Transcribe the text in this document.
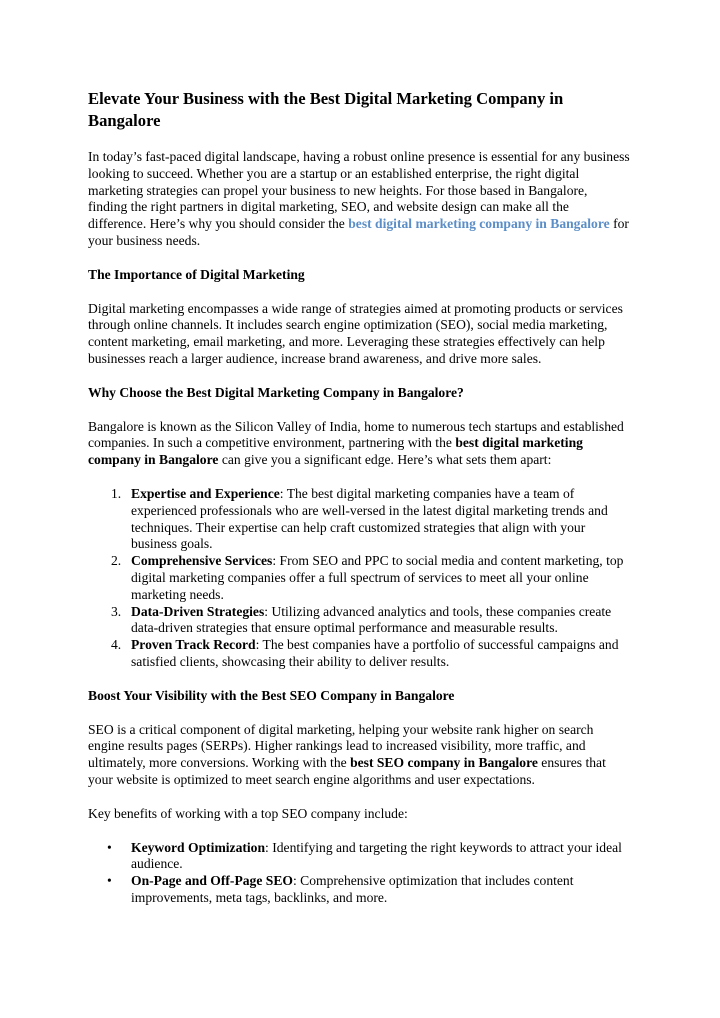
Elevate Your Business with the Best Digital Marketing Company in Bangalore

In today’s fast-paced digital landscape, having a robust online presence is essential for any business looking to succeed. Whether you are a startup or an established enterprise, the right digital marketing strategies can propel your business to new heights. For those based in Bangalore, finding the right partners in digital marketing, SEO, and website design can make all the difference. Here’s why you should consider the best digital marketing company in Bangalore for your business needs.

The Importance of Digital Marketing

Digital marketing encompasses a wide range of strategies aimed at promoting products or services through online channels. It includes search engine optimization (SEO), social media marketing, content marketing, email marketing, and more. Leveraging these strategies effectively can help businesses reach a larger audience, increase brand awareness, and drive more sales.

Why Choose the Best Digital Marketing Company in Bangalore?

Bangalore is known as the Silicon Valley of India, home to numerous tech startups and established companies. In such a competitive environment, partnering with the best digital marketing company in Bangalore can give you a significant edge. Here’s what sets them apart:

1. Expertise and Experience: The best digital marketing companies have a team of experienced professionals who are well-versed in the latest digital marketing trends and techniques. Their expertise can help craft customized strategies that align with your business goals.
2. Comprehensive Services: From SEO and PPC to social media and content marketing, top digital marketing companies offer a full spectrum of services to meet all your online marketing needs.
3. Data-Driven Strategies: Utilizing advanced analytics and tools, these companies create data-driven strategies that ensure optimal performance and measurable results.
4. Proven Track Record: The best companies have a portfolio of successful campaigns and satisfied clients, showcasing their ability to deliver results.
Boost Your Visibility with the Best SEO Company in Bangalore

SEO is a critical component of digital marketing, helping your website rank higher on search engine results pages (SERPs). Higher rankings lead to increased visibility, more traffic, and ultimately, more conversions. Working with the best SEO company in Bangalore ensures that your website is optimized to meet search engine algorithms and user expectations.

Key benefits of working with a top SEO company include:

• Keyword Optimization: Identifying and targeting the right keywords to attract your ideal audience.
• On-Page and Off-Page SEO: Comprehensive optimization that includes content improvements, meta tags, backlinks, and more.
